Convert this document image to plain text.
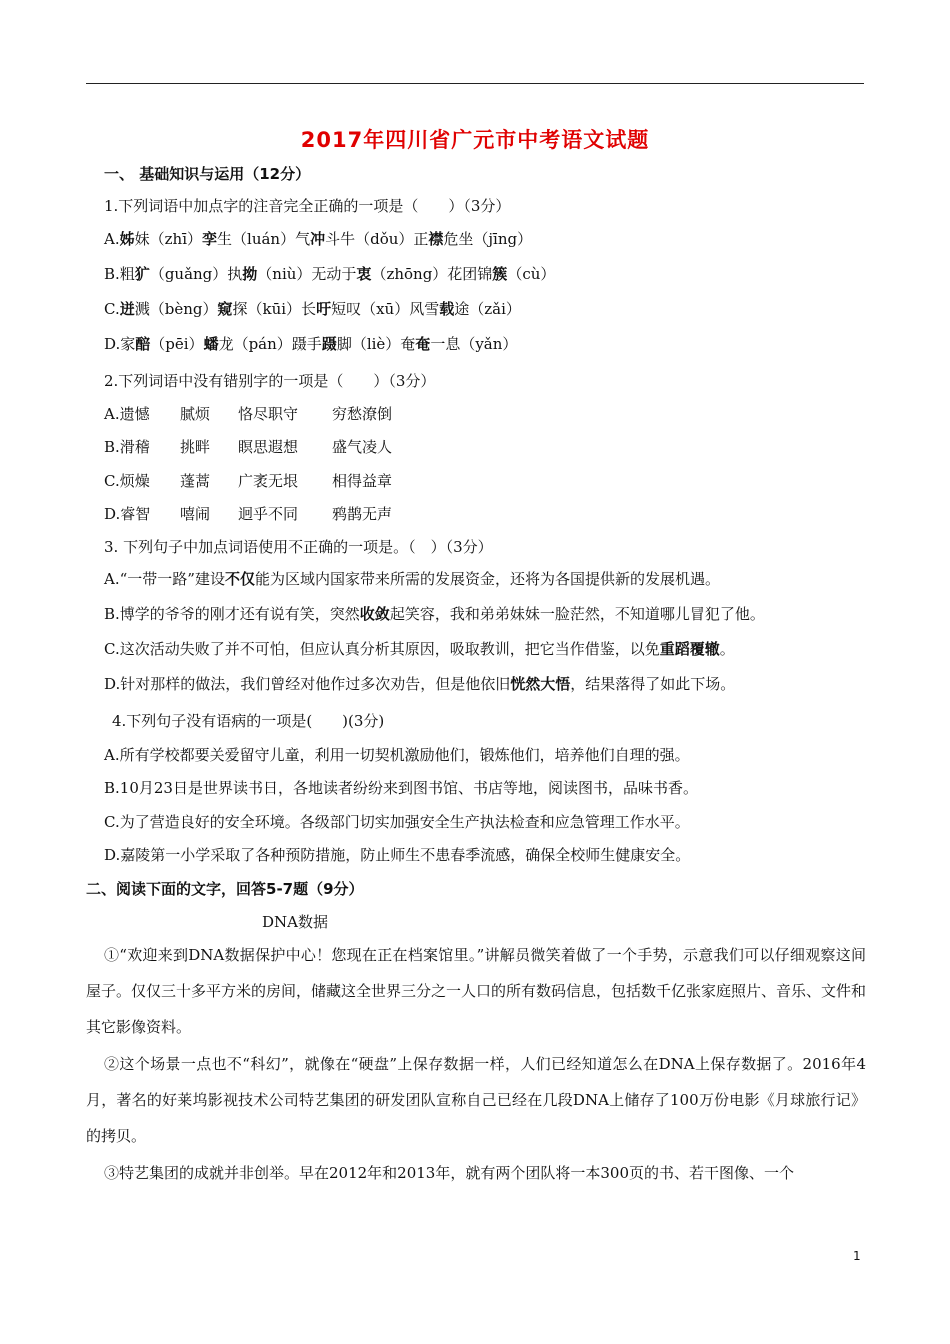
2017年四川省广元市中考语文试题
一、 基础知识与运用（12分）
1.下列词语中加点字的注音完全正确的一项是（　　）（3分）
A.姊妹（zhī）孪生（luán）气冲斗牛（dǒu）正襟危坐（jīng）
B.粗犷（guǎng）执拗（niù）无动于衷（zhōng）花团锦簇（cù）
C.迸溅（bèng）窥探（kūi）长吁短叹（xū）风雪载途（zǎi）
D.家醅（pēi）蟠龙（pán）蹑手蹑脚（liè）奄奄一息（yǎn）
2.下列词语中没有错别字的一项是（　　）（3分）
A.遗憾 腻烦 恪尽职守 穷愁潦倒
B.滑稽 挑畔 瞑思遐想 盛气凌人
C.烦燥 蓬蒿 广袤无垠 相得益章
D.睿智 嘻闹 迥乎不同 鸦鹊无声
3. 下列句子中加点词语使用不正确的一项是。（　）（3分）
A.“一带一路”建设不仅能为区域内国家带来所需的发展资金，还将为各国提供新的发展机遇。
B.博学的爷爷的刚才还有说有笑，突然收敛起笑容，我和弟弟妹妹一脸茫然，不知道哪儿冒犯了他。
C.这次活动失败了并不可怕，但应认真分析其原因，吸取教训，把它当作借鉴，以免重蹈覆辙。
D.针对那样的做法，我们曾经对他作过多次劝告，但是他依旧恍然大悟，结果落得了如此下场。
4.下列句子没有语病的一项是(　　)(3分)
A.所有学校都要关爱留守儿童，利用一切契机激励他们，锻炼他们，培养他们自理的强。
B.10月23日是世界读书日，各地读者纷纷来到图书馆、书店等地，阅读图书，品味书香。
C.为了营造良好的安全环境。各级部门切实加强安全生产执法检查和应急管理工作水平。
D.嘉陵第一小学采取了各种预防措施，防止师生不患春季流感，确保全校师生健康安全。
二、阅读下面的文字，回答5-7题（9分）
DNA数据
①“欢迎来到DNA数据保护中心！您现在正在档案馆里。”讲解员微笑着做了一个手势，示意我们可以仔细观察这间屋子。仅仅三十多平方米的房间，储藏这全世界三分之一人口的所有数码信息，包括数千亿张家庭照片、音乐、文件和其它影像资料。
②这个场景一点也不“科幻”，就像在“硬盘”上保存数据一样，人们已经知道怎么在DNA上保存数据了。2016年4月，著名的好莱坞影视技术公司特艺集团的研发团队宣称自己已经在几段DNA上储存了100万份电影《月球旅行记》的拷贝。
③特艺集团的成就并非创举。早在2012年和2013年，就有两个团队将一本300页的书、若干图像、一个
1
